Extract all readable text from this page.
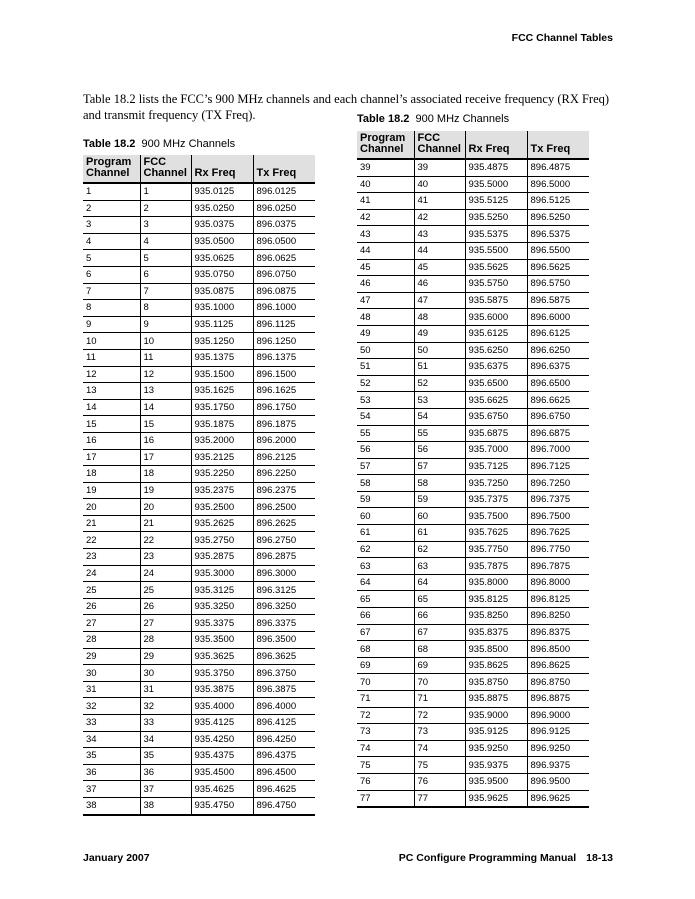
FCC Channel Tables

Table 18.2 lists the FCC’s 900 MHz channels and each channel’s associated receive frequency (RX Freq) and transmit frequency (TX Freq).

Table 18.2 900 MHz Channels
Table 18.2 900 MHz Channels
Program Channel	FCC Channel	Rx Freq	Tx Freq
1	1	935.0125	896.0125
2	2	935.0250	896.0250
3	3	935.0375	896.0375
4	4	935.0500	896.0500
5	5	935.0625	896.0625
6	6	935.0750	896.0750
7	7	935.0875	896.0875
8	8	935.1000	896.1000
9	9	935.1125	896.1125
10	10	935.1250	896.1250
11	11	935.1375	896.1375
12	12	935.1500	896.1500
13	13	935.1625	896.1625
14	14	935.1750	896.1750
15	15	935.1875	896.1875
16	16	935.2000	896.2000
17	17	935.2125	896.2125
18	18	935.2250	896.2250
19	19	935.2375	896.2375
20	20	935.2500	896.2500
21	21	935.2625	896.2625
22	22	935.2750	896.2750
23	23	935.2875	896.2875
24	24	935.3000	896.3000
25	25	935.3125	896.3125
26	26	935.3250	896.3250
27	27	935.3375	896.3375
28	28	935.3500	896.3500
29	29	935.3625	896.3625
30	30	935.3750	896.3750
31	31	935.3875	896.3875
32	32	935.4000	896.4000
33	33	935.4125	896.4125
34	34	935.4250	896.4250
35	35	935.4375	896.4375
36	36	935.4500	896.4500
37	37	935.4625	896.4625
38	38	935.4750	896.4750
Program Channel	FCC Channel	Rx Freq	Tx Freq
39	39	935.4875	896.4875
40	40	935.5000	896.5000
41	41	935.5125	896.5125
42	42	935.5250	896.5250
43	43	935.5375	896.5375
44	44	935.5500	896.5500
45	45	935.5625	896.5625
46	46	935.5750	896.5750
47	47	935.5875	896.5875
48	48	935.6000	896.6000
49	49	935.6125	896.6125
50	50	935.6250	896.6250
51	51	935.6375	896.6375
52	52	935.6500	896.6500
53	53	935.6625	896.6625
54	54	935.6750	896.6750
55	55	935.6875	896.6875
56	56	935.7000	896.7000
57	57	935.7125	896.7125
58	58	935.7250	896.7250
59	59	935.7375	896.7375
60	60	935.7500	896.7500
61	61	935.7625	896.7625
62	62	935.7750	896.7750
63	63	935.7875	896.7875
64	64	935.8000	896.8000
65	65	935.8125	896.8125
66	66	935.8250	896.8250
67	67	935.8375	896.8375
68	68	935.8500	896.8500
69	69	935.8625	896.8625
70	70	935.8750	896.8750
71	71	935.8875	896.8875
72	72	935.9000	896.9000
73	73	935.9125	896.9125
74	74	935.9250	896.9250
75	75	935.9375	896.9375
76	76	935.9500	896.9500
77	77	935.9625	896.9625
January 2007	PC Configure Programming Manual 18-13
